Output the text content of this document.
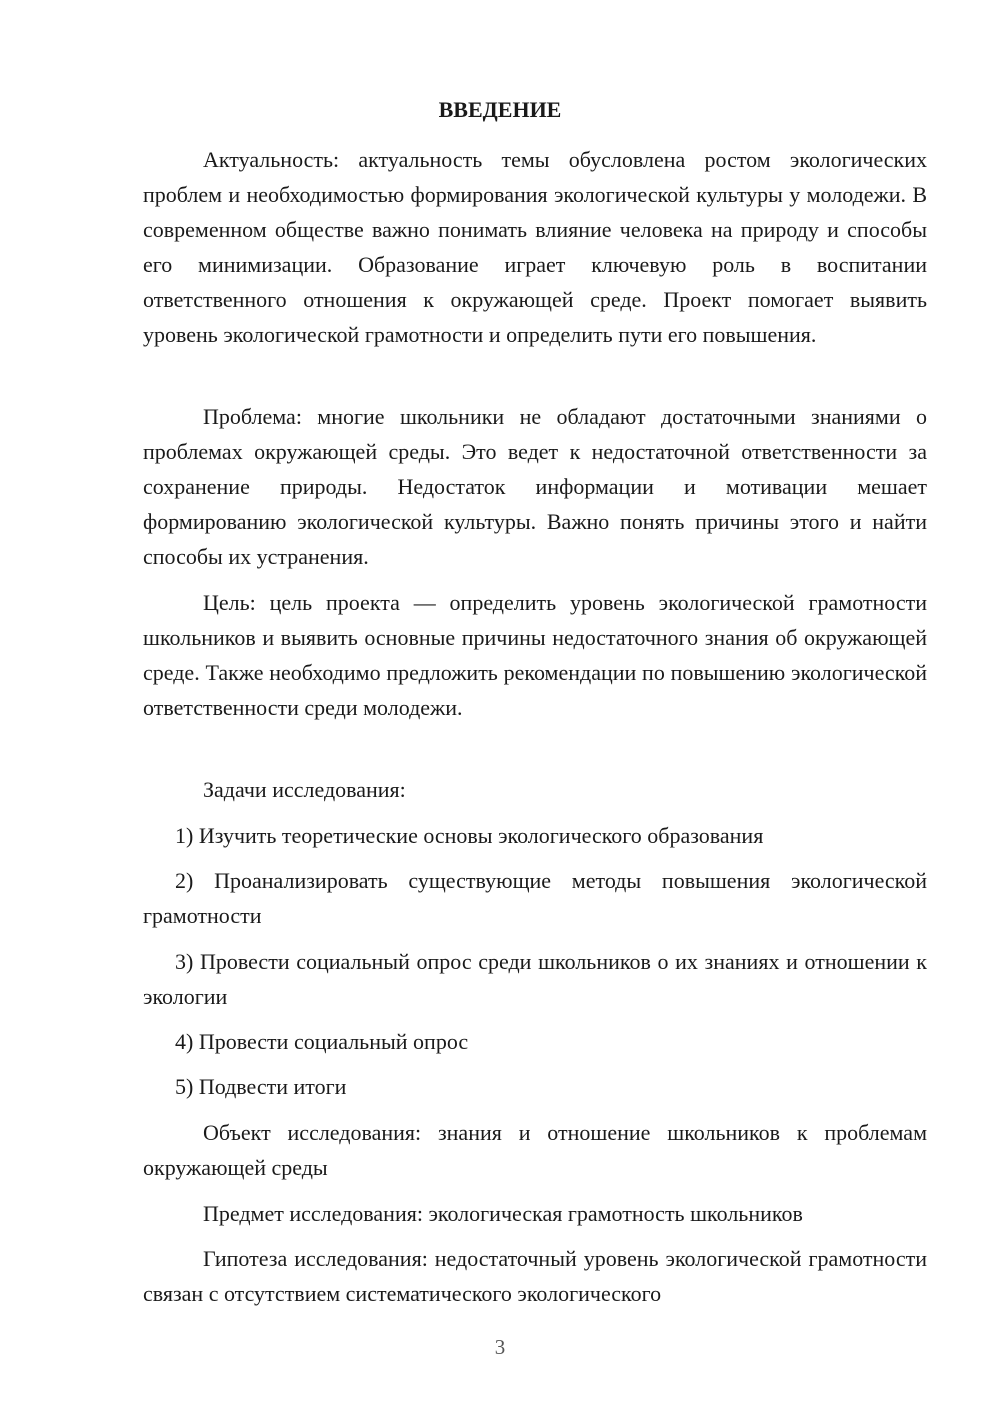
ВВЕДЕНИЕ

Актуальность: актуальность темы обусловлена ростом экологических проблем и необходимостью формирования экологической культуры у молодежи. В современном обществе важно понимать влияние человека на природу и способы его минимизации. Образование играет ключевую роль в воспитании ответственного отношения к окружающей среде. Проект помогает выявить уровень экологической грамотности и определить пути его повышения.

Проблема: многие школьники не обладают достаточными знаниями о проблемах окружающей среды. Это ведет к недостаточной ответственности за сохранение природы. Недостаток информации и мотивации мешает формированию экологической культуры. Важно понять причины этого и найти способы их устранения.

Цель: цель проекта — определить уровень экологической грамотности школьников и выявить основные причины недостаточного знания об окружающей среде. Также необходимо предложить рекомендации по повышению экологической ответственности среди молодежи.

Задачи исследования:

1) Изучить теоретические основы экологического образования

2) Проанализировать существующие методы повышения экологической грамотности

3) Провести социальный опрос среди школьников о их знаниях и отношении к экологии

4) Провести социальный опрос

5) Подвести итоги

Объект исследования: знания и отношение школьников к проблемам окружающей среды

Предмет исследования: экологическая грамотность школьников

Гипотеза исследования: недостаточный уровень экологической грамотности связан с отсутствием систематического экологического

3
